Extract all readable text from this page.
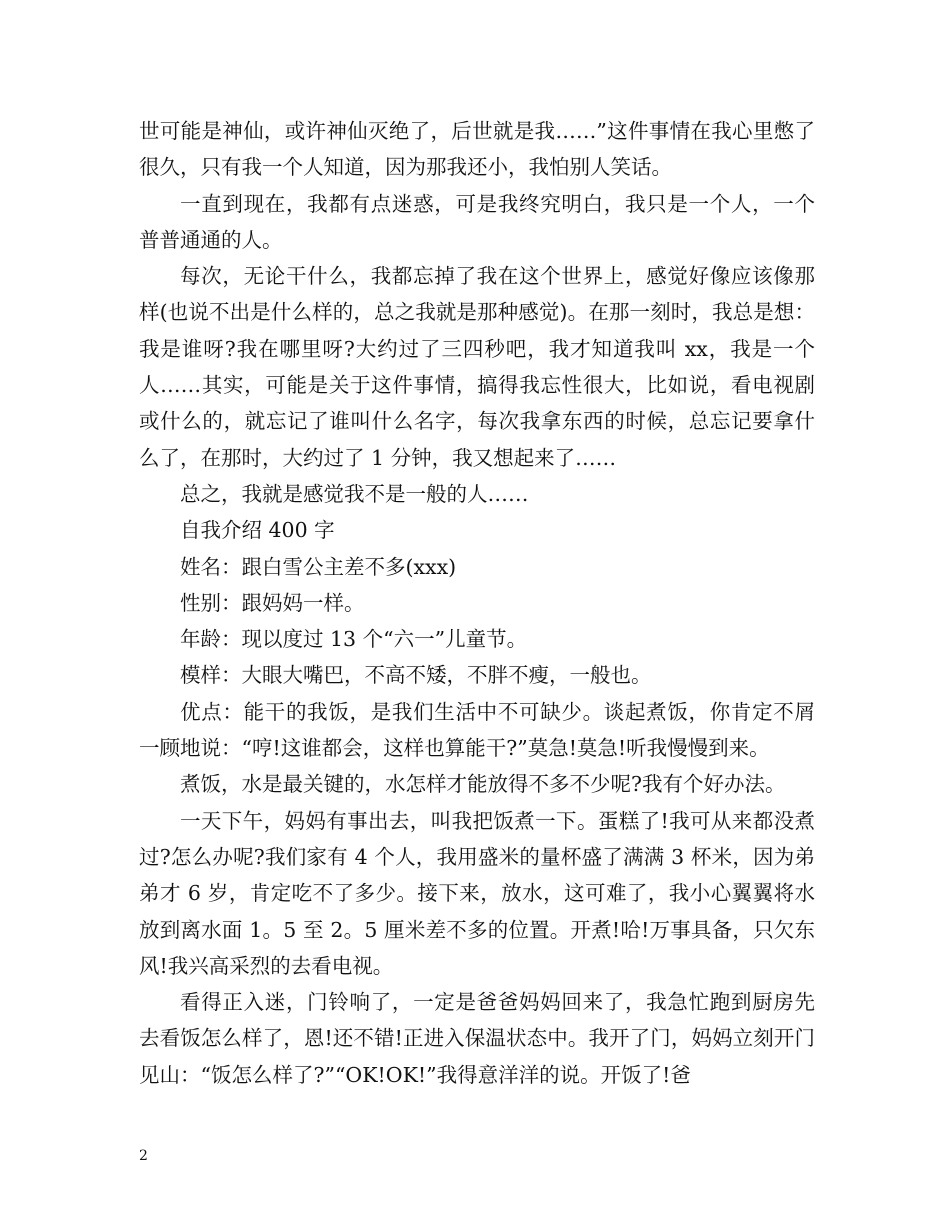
世可能是神仙，或许神仙灭绝了，后世就是我……”这件事情在我心里憋了很久，只有我一个人知道，因为那我还小，我怕别人笑话。

一直到现在，我都有点迷惑，可是我终究明白，我只是一个人，一个普普通通的人。

每次，无论干什么，我都忘掉了我在这个世界上，感觉好像应该像那样(也说不出是什么样的，总之我就是那种感觉)。在那一刻时，我总是想：我是谁呀?我在哪里呀?大约过了三四秒吧，我才知道我叫 xx，我是一个人……其实，可能是关于这件事情，搞得我忘性很大，比如说，看电视剧或什么的，就忘记了谁叫什么名字，每次我拿东西的时候，总忘记要拿什么了，在那时，大约过了 1 分钟，我又想起来了……

总之，我就是感觉我不是一般的人……

自我介绍 400 字

姓名：跟白雪公主差不多(xxx)

性别：跟妈妈一样。

年龄：现以度过 13 个“六一”儿童节。

模样：大眼大嘴巴，不高不矮，不胖不瘦，一般也。

优点：能干的我饭，是我们生活中不可缺少。谈起煮饭，你肯定不屑一顾地说：“哼!这谁都会，这样也算能干?”莫急!莫急!听我慢慢到来。

煮饭，水是最关键的，水怎样才能放得不多不少呢?我有个好办法。

一天下午，妈妈有事出去，叫我把饭煮一下。蛋糕了!我可从来都没煮过?怎么办呢?我们家有 4 个人，我用盛米的量杯盛了满满 3 杯米，因为弟弟才 6 岁，肯定吃不了多少。接下来，放水，这可难了，我小心翼翼将水放到离水面 1。5 至 2。5 厘米差不多的位置。开煮!哈!万事具备，只欠东风!我兴高采烈的去看电视。

看得正入迷，门铃响了，一定是爸爸妈妈回来了，我急忙跑到厨房先去看饭怎么样了，恩!还不错!正进入保温状态中。我开了门，妈妈立刻开门见山：“饭怎么样了?”“OK!OK!”我得意洋洋的说。开饭了!爸

2
